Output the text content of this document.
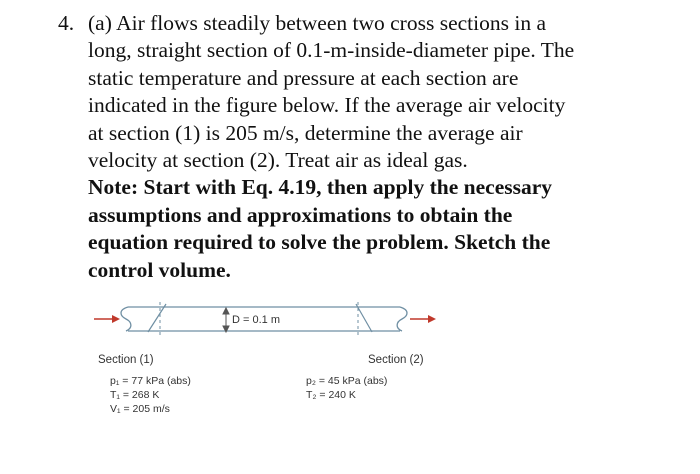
4. (a) Air flows steadily between two cross sections in a
long, straight section of 0.1-m-inside-diameter pipe. The
static temperature and pressure at each section are
indicated in the figure below. If the average air velocity
at section (1) is 205 m/s, determine the average air
velocity at section (2). Treat air as ideal gas.
Note: Start with Eq. 4.19, then apply the necessary
assumptions and approximations to obtain the
equation required to solve the problem. Sketch the
control volume.
D = 0.1 m
Section (1)
p₁ = 77 kPa (abs)
T₁ = 268 K
V₁ = 205 m/s
Section (2)
p₂ = 45 kPa (abs)
T₂ = 240 K
